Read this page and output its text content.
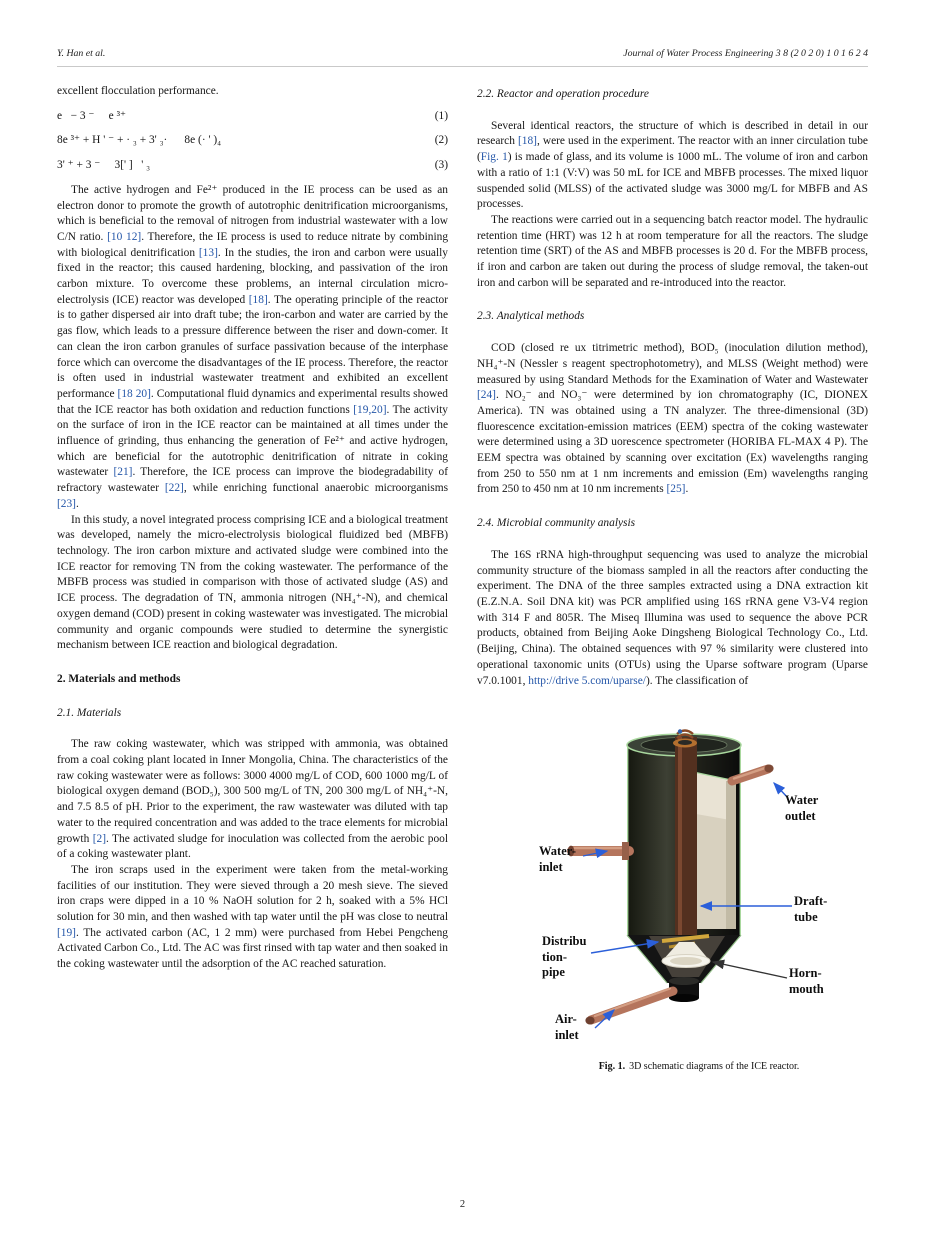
Y. Han et al.	Journal of Water Process Engineering 3 8 (2 0 2 0) 1 0 1 6 2 4

excellent flocculation performance.

e   − 3 ⁻     e ³⁺	(1)
8e ³⁺ + H ' ⁻ + · ₃ + 3' ₃·      8e (· ' )₄	(2)
3' ⁺ + 3 ⁻     3[' ]   ' ₃	(3)

The active hydrogen and Fe²⁺ produced in the IE process can be used as an electron donor to promote the growth of autotrophic denitrification microorganisms, which is beneficial to the removal of nitrogen from industrial wastewater with a low C/N ratio. [10 12]. Therefore, the IE process is used to reduce nitrate by combining with biological denitrification [13]. In the studies, the iron and carbon were usually fixed in the reactor; this caused hardening, blocking, and passivation of the iron carbon mixture. To overcome these problems, an internal circulation micro-electrolysis (ICE) reactor was developed [18]. The operating principle of the reactor is to gather dispersed air into draft tube; the iron-carbon and water are carried by the gas flow, which leads to a pressure difference between the riser and down-comer. It can clean the iron carbon granules of surface passivation because of the interphase force which can overcome the disadvantages of the IE process. Therefore, the reactor is often used in industrial wastewater treatment and exhibited an excellent performance [18 20]. Computational fluid dynamics and experimental results showed that the ICE reactor has both oxidation and reduction functions [19,20]. The activity on the surface of iron in the ICE reactor can be maintained at all times under the influence of grinding, thus enhancing the generation of Fe²⁺ and active hydrogen, which are beneficial for the autotrophic denitrification of nitrate in coking wastewater [21]. Therefore, the ICE process can improve the biodegradability of refractory wastewater [22], while enriching functional anaerobic microorganisms [23].

In this study, a novel integrated process comprising ICE and a biological treatment was developed, namely the micro-electrolysis biological fluidized bed (MBFB) technology. The iron carbon mixture and activated sludge were combined into the ICE reactor for removing TN from the coking wastewater. The performance of the MBFB process was studied in comparison with those of activated sludge (AS) and ICE process. The degradation of TN, ammonia nitrogen (NH₄⁺-N), and chemical oxygen demand (COD) present in coking wastewater was investigated. The microbial community and organic compounds were studied to determine the synergistic mechanism between ICE reaction and biological degradation.

2. Materials and methods
2.1. Materials

The raw coking wastewater, which was stripped with ammonia, was obtained from a coal coking plant located in Inner Mongolia, China. The characteristics of the raw coking wastewater were as follows: 3000 4000 mg/L of COD, 600 1000 mg/L of biological oxygen demand (BOD₅), 300 500 mg/L of TN, 200 300 mg/L of NH₄⁺-N, and 7.5 8.5 of pH. Prior to the experiment, the raw wastewater was diluted with tap water to the required concentration and was added to the trace elements for microbial growth [2]. The activated sludge for inoculation was collected from the aerobic pool of a coking wastewater plant.

The iron scraps used in the experiment were taken from the metal-working facilities of our institution. They were sieved through a 20 mesh sieve. The sieved iron craps were dipped in a 10 % NaOH solution for 2 h, soaked with a 5% HCl solution for 30 min, and then washed with tap water until the pH was close to neutral [19]. The activated carbon (AC, 1 2 mm) were purchased from Hebei Pengcheng Activated Carbon Co., Ltd. The AC was first rinsed with tap water and then soaked in the coking wastewater until the adsorption of the AC reached saturation.

2.2. Reactor and operation procedure

Several identical reactors, the structure of which is described in detail in our research [18], were used in the experiment. The reactor with an inner circulation tube (Fig. 1) is made of glass, and its volume is 1000 mL. The volume of iron and carbon with a ratio of 1:1 (V:V) was 50 mL for ICE and MBFB processes. The mixed liquor suspended solid (MLSS) of the activated sludge was 3000 mg/L for MBFB and AS processes.

The reactions were carried out in a sequencing batch reactor model. The hydraulic retention time (HRT) was 12 h at room temperature for all the reactors. The sludge retention time (SRT) of the AS and MBFB processes is 20 d. For the MBFB process, if iron and carbon are taken out during the process of sludge removal, the taken-out iron and carbon will be separated and re-introduced into the reactor.

2.3. Analytical methods

COD (closed re ux titrimetric method), BOD₅ (inoculation dilution method), NH₄⁺-N (Nessler s reagent spectrophotometry), and MLSS (Weight method) were measured by using Standard Methods for the Examination of Water and Wastewater [24]. NO₂⁻ and NO₃⁻ were determined by ion chromatography (IC, DIONEX America). TN was obtained using a TN analyzer. The three-dimensional (3D) fluorescence excitation-emission matrices (EEM) spectra of the coking wastewater were determined using a 3D uorescence spectrometer (HORIBA FL-MAX 4 P). The EEM spectra was obtained by scanning over excitation (Ex) wavelengths ranging from 250 to 550 nm at 1 nm increments and emission (Em) wavelengths ranging from 250 to 450 nm at 10 nm increments [25].

2.4. Microbial community analysis

The 16S rRNA high-throughput sequencing was used to analyze the microbial community structure of the biomass sampled in all the reactors after conducting the experiment. The DNA of the three samples extracted using a DNA extraction kit (E.Z.N.A. Soil DNA kit) was PCR amplified using 16S rRNA gene V3-V4 region with 314 F and 805R. The Miseq Illumina was used to sequence the above PCR products, obtained from Beijing Aoke Dingsheng Biological Technology Co., Ltd. (Beijing, China). The obtained sequences with 97 % similarity were clustered into operational taxonomic units (OTUs) using the Uparse software program (Uparse v7.0.1001, http://drive 5.com/uparse/). The classification of

Water
outlet
Water-
inlet
Draft-
tube
Distribu
tion-
pipe	Horn-
mouth
Air-
inlet
Fig. 1. 3D schematic diagrams of the ICE reactor.
2
